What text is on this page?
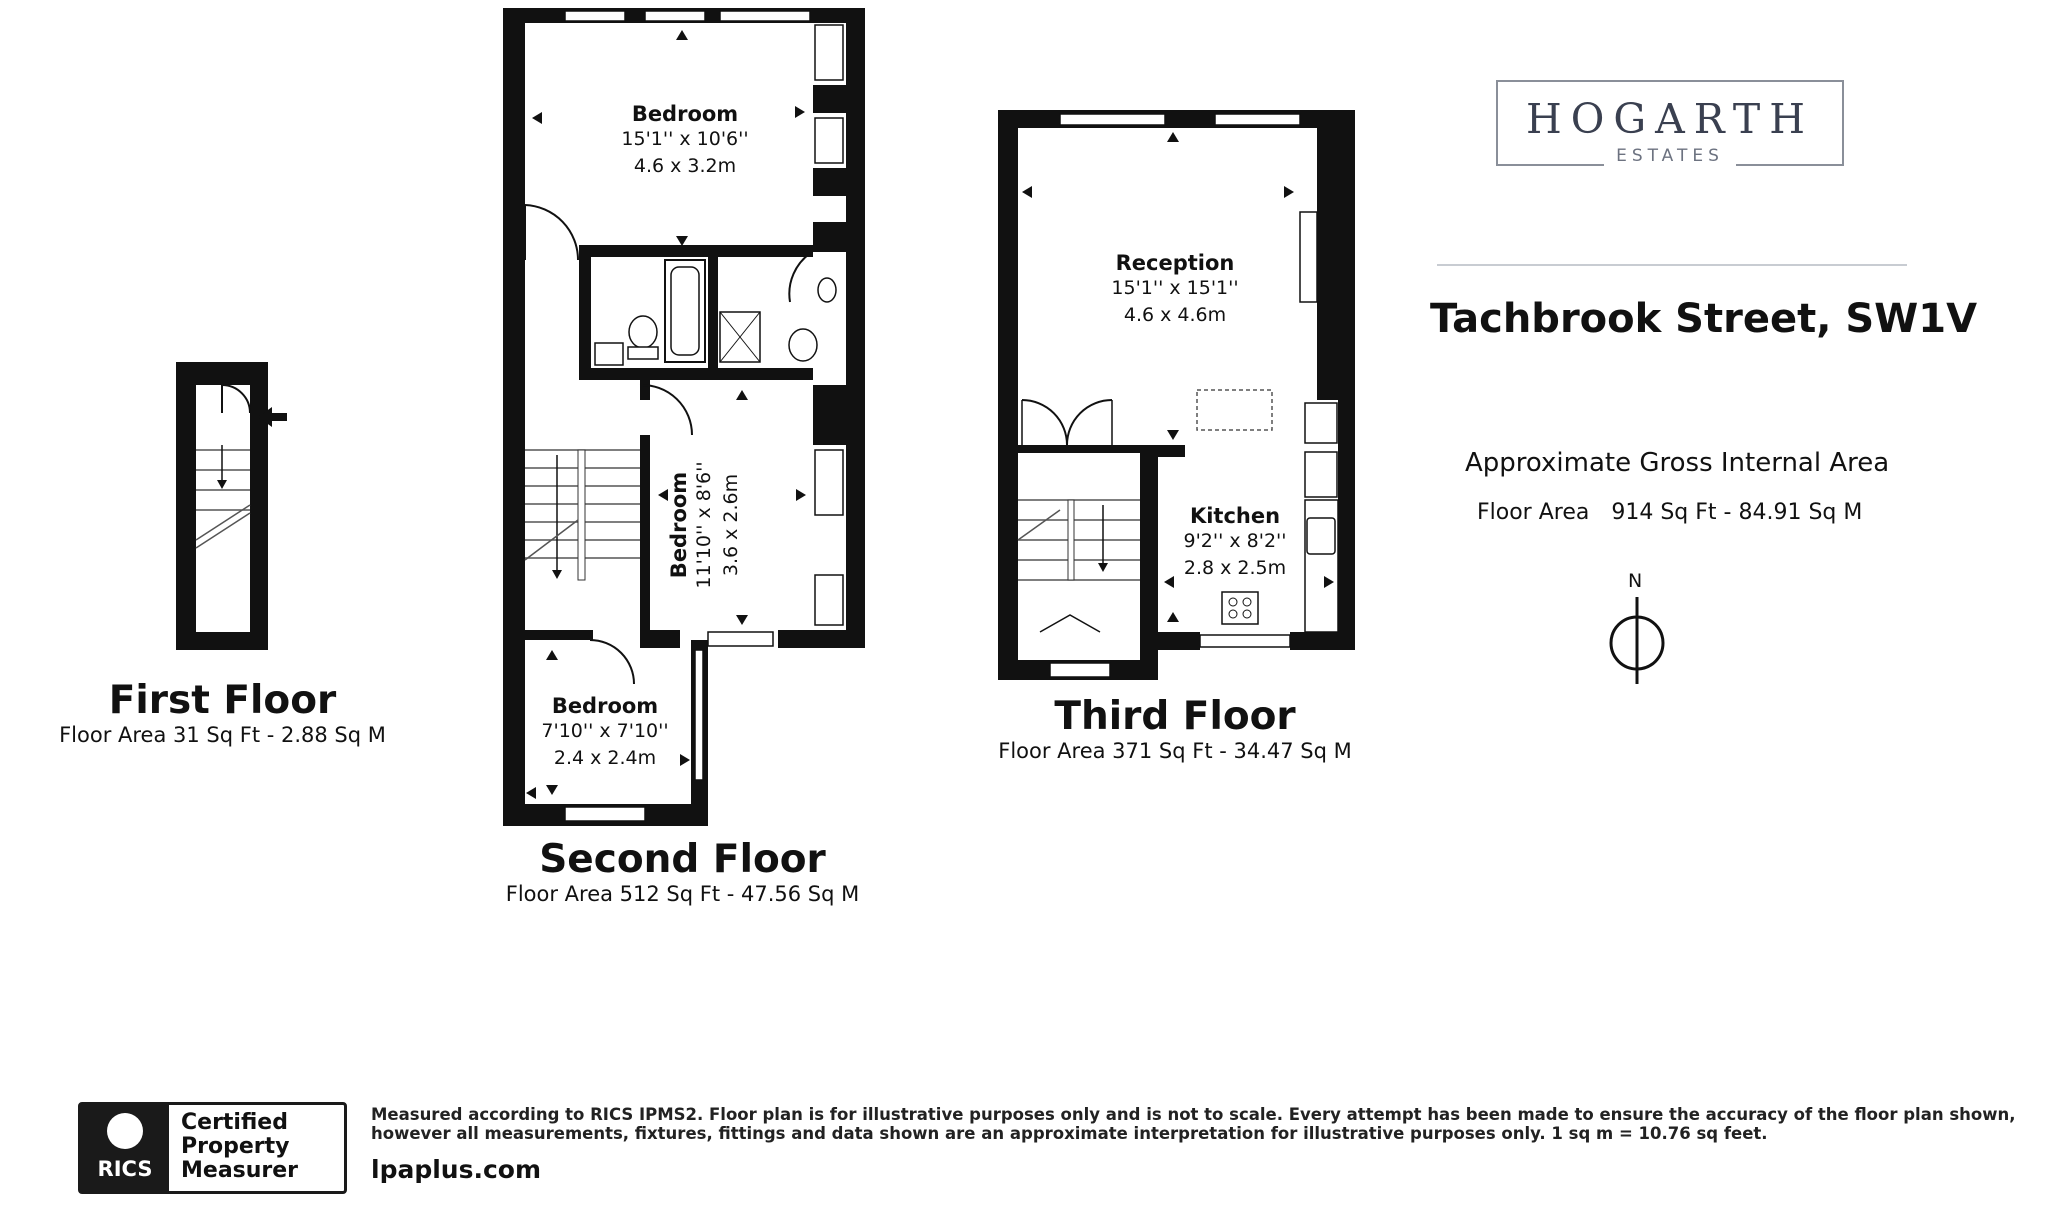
Bedroom
15'1'' x 10'6''
4.6 x 3.2m
Bedroom 11'10'' x 8'6'' 3.6 x 2.6m
Bedroom
7'10'' x 7'10''
2.4 x 2.4m
Reception
15'1'' x 15'1''
4.6 x 4.6m
Kitchen
9'2'' x 8'2''
2.8 x 2.5m
First Floor
Floor Area 31 Sq Ft - 2.88 Sq M
Second Floor
Floor Area 512 Sq Ft - 47.56 Sq M
Third Floor
Floor Area 371 Sq Ft - 34.47 Sq M
HOGARTH
ESTATES
Tachbrook Street, SW1V
Approximate Gross Internal Area
Floor Area 914 Sq Ft - 84.91 Sq M
N
RICS
Certified
Property
Measurer
Measured according to RICS IPMS2. Floor plan is for illustrative purposes only and is not to scale. Every attempt has been made to ensure the accuracy of the floor plan shown,
however all measurements, fixtures, fittings and data shown are an approximate interpretation for illustrative purposes only. 1 sq m = 10.76 sq feet.
lpaplus.com
